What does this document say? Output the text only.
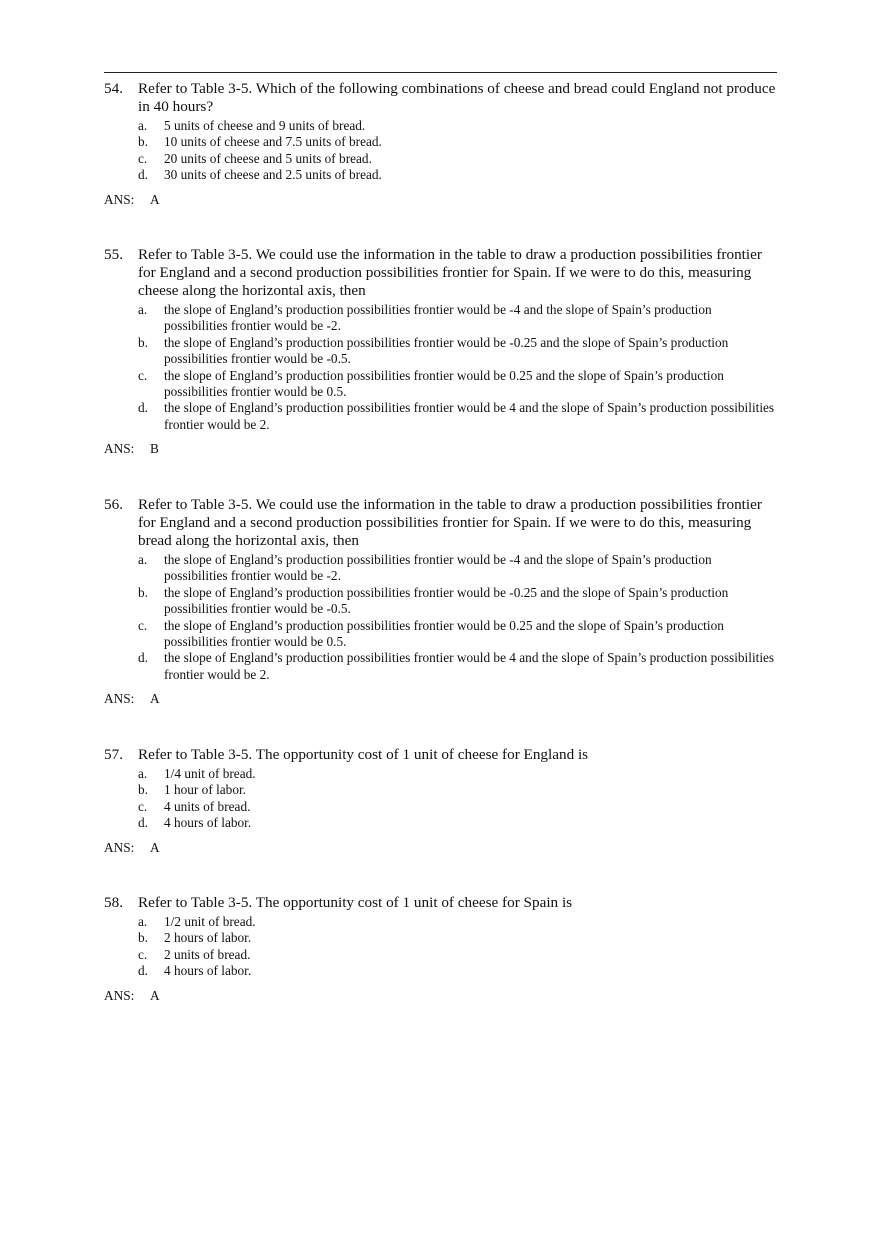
54. Refer to Table 3-5. Which of the following combinations of cheese and bread could England not produce in 40 hours?
a. 5 units of cheese and 9 units of bread.
b. 10 units of cheese and 7.5 units of bread.
c. 20 units of cheese and 5 units of bread.
d. 30 units of cheese and 2.5 units of bread.
ANS: A
55. Refer to Table 3-5. We could use the information in the table to draw a production possibilities frontier for England and a second production possibilities frontier for Spain. If we were to do this, measuring cheese along the horizontal axis, then
a. the slope of England’s production possibilities frontier would be -4 and the slope of Spain’s production possibilities frontier would be -2.
b. the slope of England’s production possibilities frontier would be -0.25 and the slope of Spain’s production possibilities frontier would be -0.5.
c. the slope of England’s production possibilities frontier would be 0.25 and the slope of Spain’s production possibilities frontier would be 0.5.
d. the slope of England’s production possibilities frontier would be 4 and the slope of Spain’s production possibilities frontier would be 2.
ANS: B
56. Refer to Table 3-5. We could use the information in the table to draw a production possibilities frontier for England and a second production possibilities frontier for Spain. If we were to do this, measuring bread along the horizontal axis, then
a. the slope of England’s production possibilities frontier would be -4 and the slope of Spain’s production possibilities frontier would be -2.
b. the slope of England’s production possibilities frontier would be -0.25 and the slope of Spain’s production possibilities frontier would be -0.5.
c. the slope of England’s production possibilities frontier would be 0.25 and the slope of Spain’s production possibilities frontier would be 0.5.
d. the slope of England’s production possibilities frontier would be 4 and the slope of Spain’s production possibilities frontier would be 2.
ANS: A
57. Refer to Table 3-5. The opportunity cost of 1 unit of cheese for England is
a. 1/4 unit of bread.
b. 1 hour of labor.
c. 4 units of bread.
d. 4 hours of labor.
ANS: A
58. Refer to Table 3-5. The opportunity cost of 1 unit of cheese for Spain is
a. 1/2 unit of bread.
b. 2 hours of labor.
c. 2 units of bread.
d. 4 hours of labor.
ANS: A
